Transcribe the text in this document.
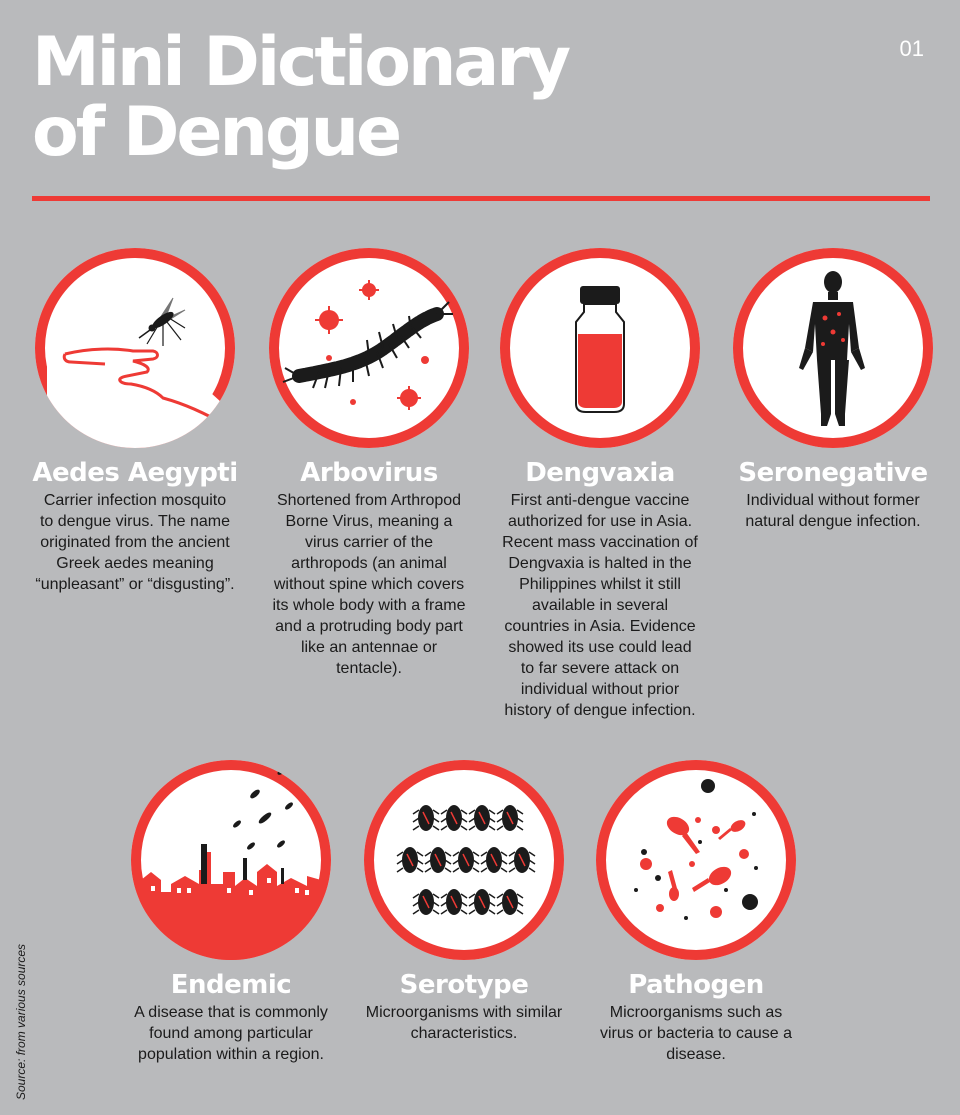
Mini Dictionary
of Dengue
01
Aedes Aegypti

Carrier infection mosquito to dengue virus. The name originated from the ancient Greek aedes meaning “unpleasant” or “disgusting”.

Arbovirus

Shortened from Arthropod Borne Virus, meaning a virus carrier of the arthropods (an animal without spine which covers its whole body with a frame and a protruding body part like an antennae or tentacle).

Dengvaxia

First anti-dengue vaccine authorized for use in Asia. Recent mass vaccination of Dengvaxia is halted in the Philippines whilst it still available in several countries in Asia. Evidence showed its use could lead to far severe attack on individual without prior history of dengue infection.

Seronegative

Individual without former natural dengue infection.

Endemic

A disease that is commonly found among particular population within a region.

Serotype

Microorganisms with similar characteristics.

Pathogen

Microorganisms such as virus or bacteria to cause a disease.

Source: from various sources
